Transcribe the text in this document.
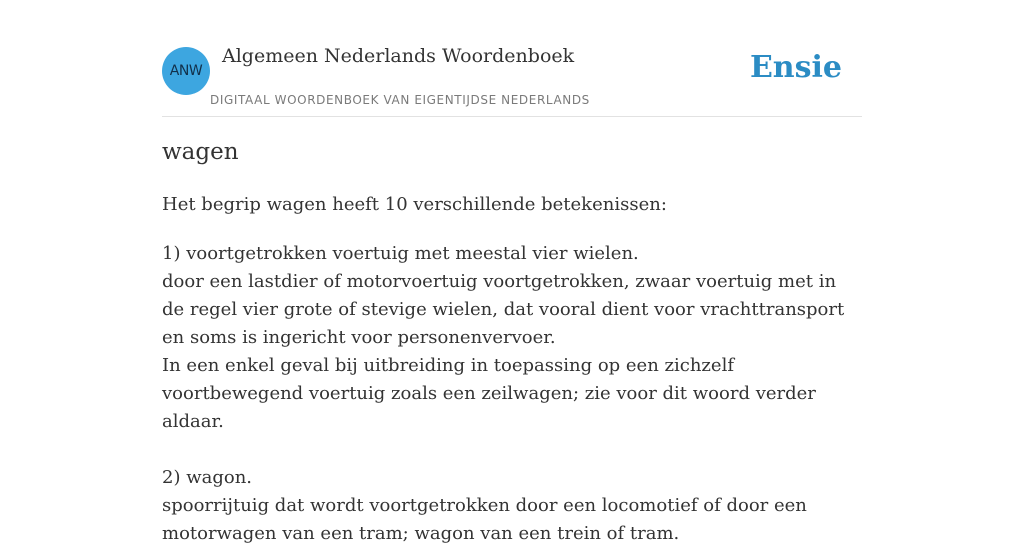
ANW
Algemeen Nederlands Woordenboek
DIGITAAL WOORDENBOEK VAN EIGENTIJDSE NEDERLANDS
Ensie
wagen

Het begrip wagen heeft 10 verschillende betekenissen:

1) voortgetrokken voertuig met meestal vier wielen.

door een lastdier of motorvoertuig voortgetrokken, zwaar voertuig met in de regel vier grote of stevige wielen, dat vooral dient voor vrachttransport en soms is ingericht voor personenvervoer.

In een enkel geval bij uitbreiding in toepassing op een zichzelf voortbewegend voertuig zoals een zeilwagen; zie voor dit woord verder aldaar.

2) wagon.

spoorrijtuig dat wordt voortgetrokken door een locomotief of door een motorwagen van een tram; wagon van een trein of tram.
